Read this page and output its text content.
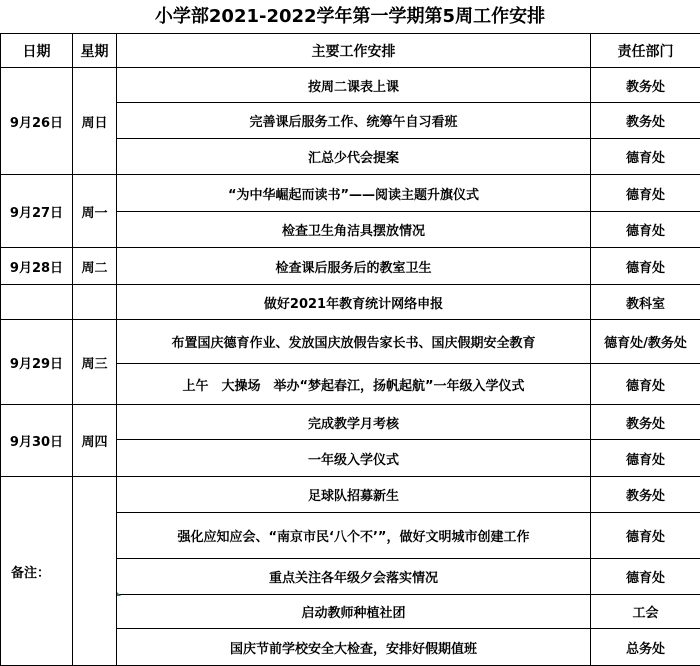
小学部2021-2022学年第一学期第5周工作安排
日期	星期	主要工作安排	责任部门
9月26日	周日	按周二课表上课	教务处
		完善课后服务工作、统筹午自习看班	教务处
		汇总少代会提案	德育处
9月27日	周一	“为中华崛起而读书”——阅读主题升旗仪式	德育处
		检查卫生角洁具摆放情况	德育处
9月28日	周二	检查课后服务后的教室卫生	德育处
		做好2021年教育统计网络申报	教科室
9月29日	周三	布置国庆德育作业、发放国庆放假告家长书、国庆假期安全教育	德育处/教务处
		上午　大操场　举办“梦起春江，扬帆起航”一年级入学仪式	德育处
9月30日	周四	完成教学月考核	教务处
		一年级入学仪式	德育处
备注：		足球队招募新生	教务处
		强化应知应会、“南京市民‘八个不’”，做好文明城市创建工作	德育处
		重点关注各年级夕会落实情况	德育处
		启动教师种植社团	工会
		国庆节前学校安全大检查，安排好假期值班	总务处
